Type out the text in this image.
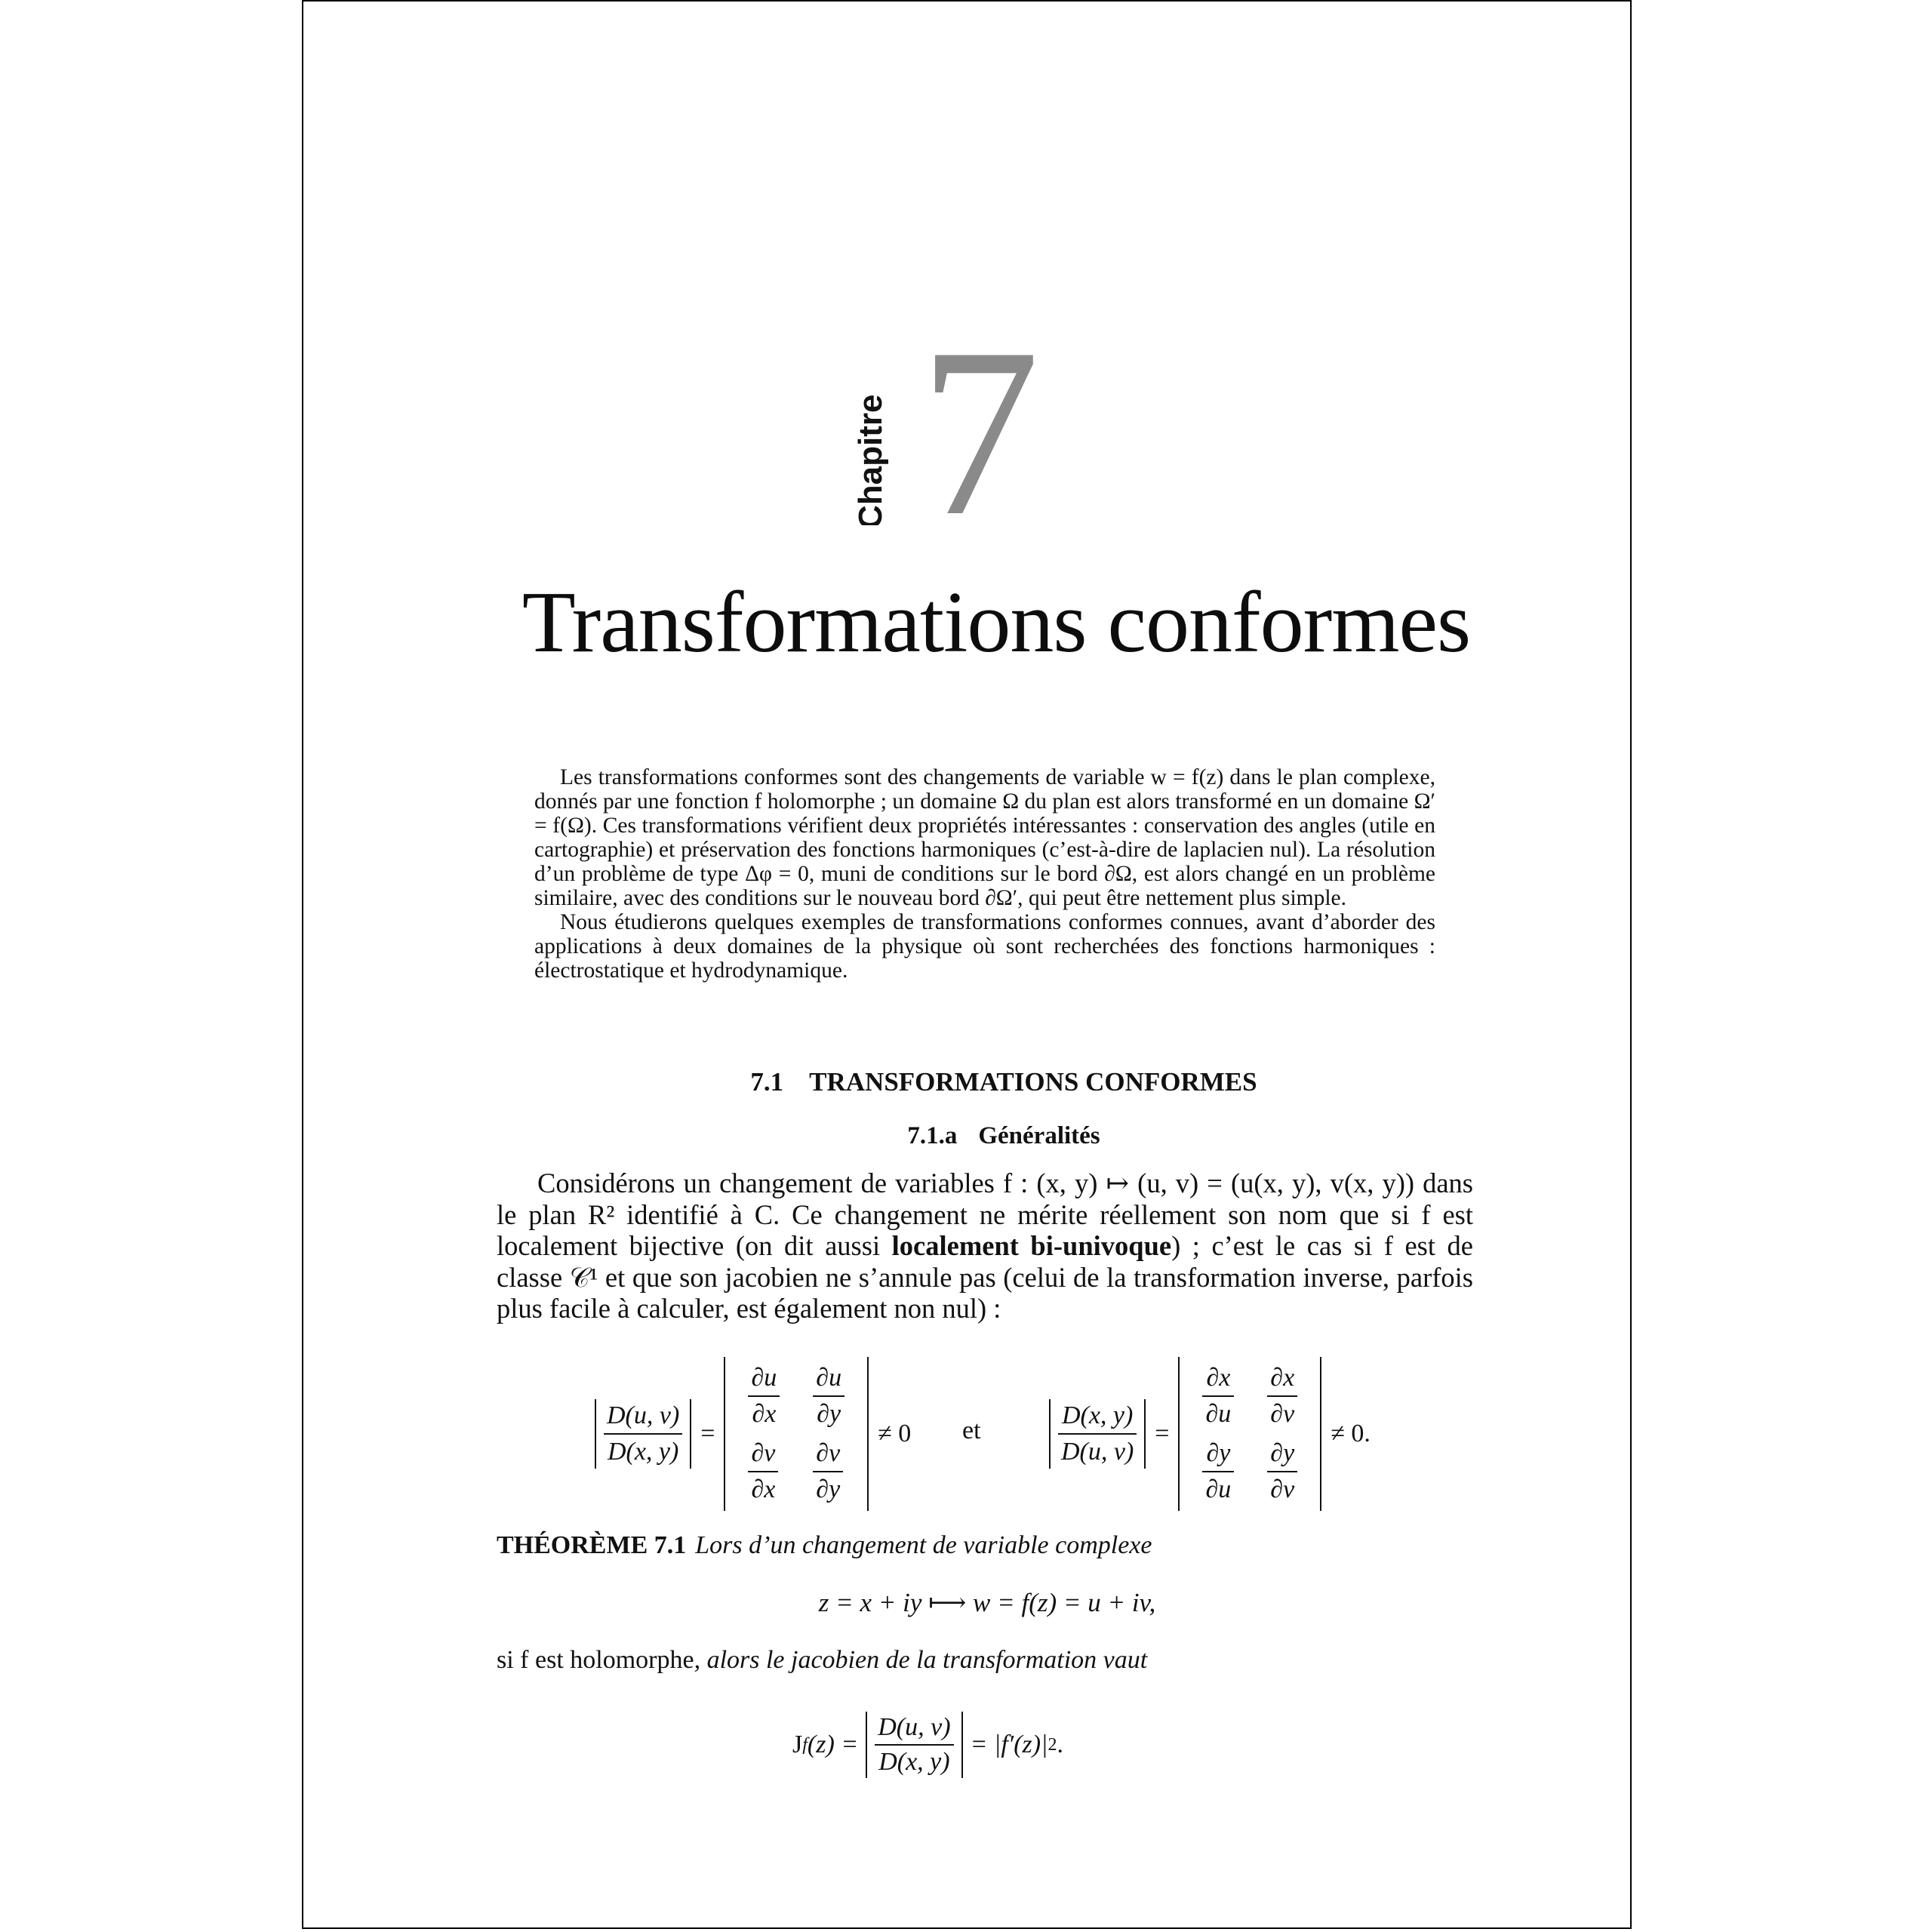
Chapitre 7
Transformations conformes

Les transformations conformes sont des changements de variable w = f(z) dans le plan complexe, donnés par une fonction f holomorphe ; un domaine Ω du plan est alors transformé en un domaine Ω′ = f(Ω). Ces transformations vérifient deux propriétés intéressantes : conservation des angles (utile en cartographie) et préservation des fonctions harmoniques (c’est-à-dire de laplacien nul). La résolution d’un problème de type Δφ = 0, muni de conditions sur le bord ∂Ω, est alors changé en un problème similaire, avec des conditions sur le nouveau bord ∂Ω′, qui peut être nettement plus simple.

Nous étudierons quelques exemples de transformations conformes connues, avant d’aborder des applications à deux domaines de la physique où sont recherchées des fonctions harmoniques : électrostatique et hydrodynamique.

7.1 TRANSFORMATIONS CONFORMES
7.1.a Généralités

Considérons un changement de variables f : (x, y) ↦ (u, v) = (u(x, y), v(x, y)) dans le plan R² identifié à C. Ce changement ne mérite réellement son nom que si f est localement bijective (on dit aussi localement bi-univoque) ; c’est le cas si f est de classe 𝒞¹ et que son jacobien ne s’annule pas (celui de la transformation inverse, parfois plus facile à calculer, est également non nul) :

$\frac{D(u, v)}{D(x, y)}$ =
$\frac{\partial u}{\partial x}$	$\frac{\partial u}{\partial y}$

$\frac{\partial v}{\partial x}$	$\frac{\partial v}{\partial y}$
≠ 0 et	$\frac{D(x, y)}{D(u, v)}$ =
$\frac{\partial x}{\partial u}$	$\frac{\partial x}{\partial v}$

$\frac{\partial y}{\partial u}$	$\frac{\partial y}{\partial v}$
≠ 0.
THÉORÈME 7.1 Lors d’un changement de variable complexe
z = x + iy ⟼ w = f(z) = u + iv,
si f est holomorphe, alors le jacobien de la transformation vaut
J f $(z) = \frac{D(u, v)}{D(x, y)} = |f'(z)|$ 2 .
